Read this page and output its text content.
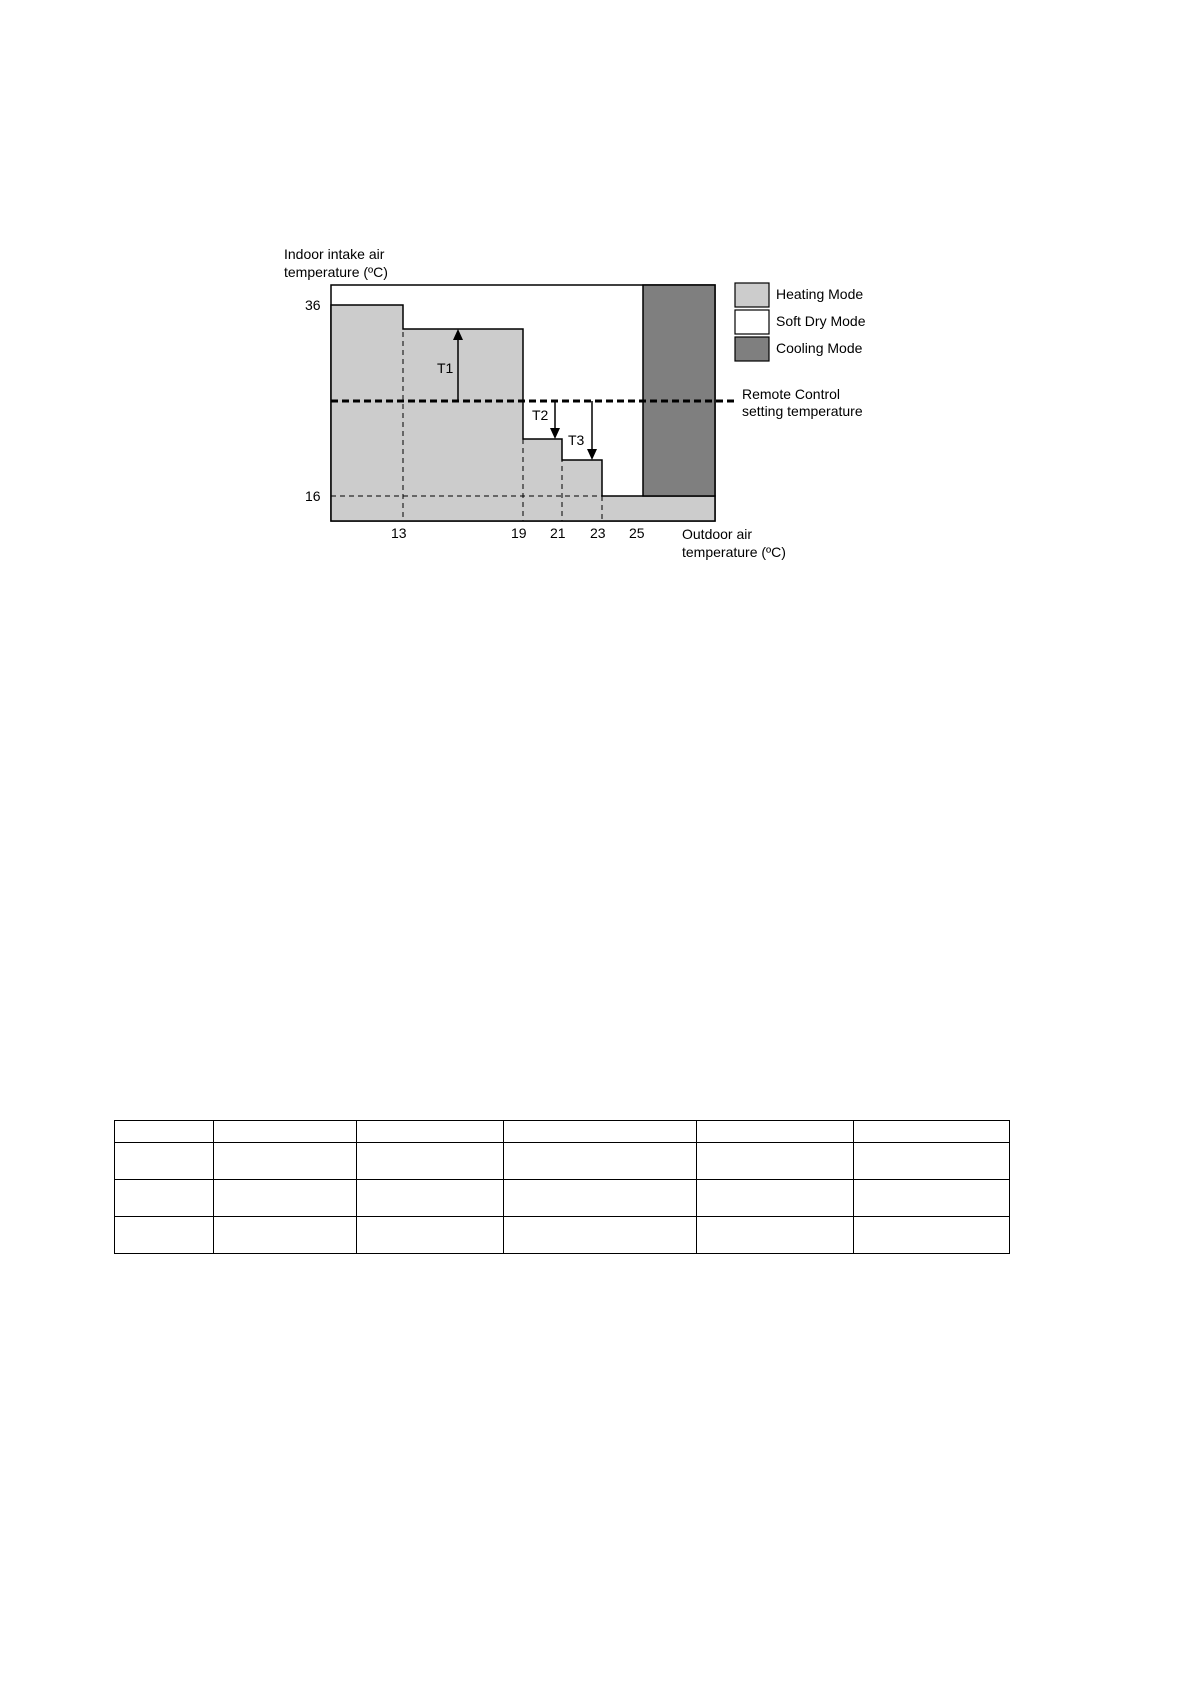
T1
T2
T3
Indoor intake air
temperature (ºC)
36
16
13	19 21 23 25	Outdoor air
temperature (ºC)
Remote Control
setting temperature
Heating Mode
Soft Dry Mode
Cooling Mode
